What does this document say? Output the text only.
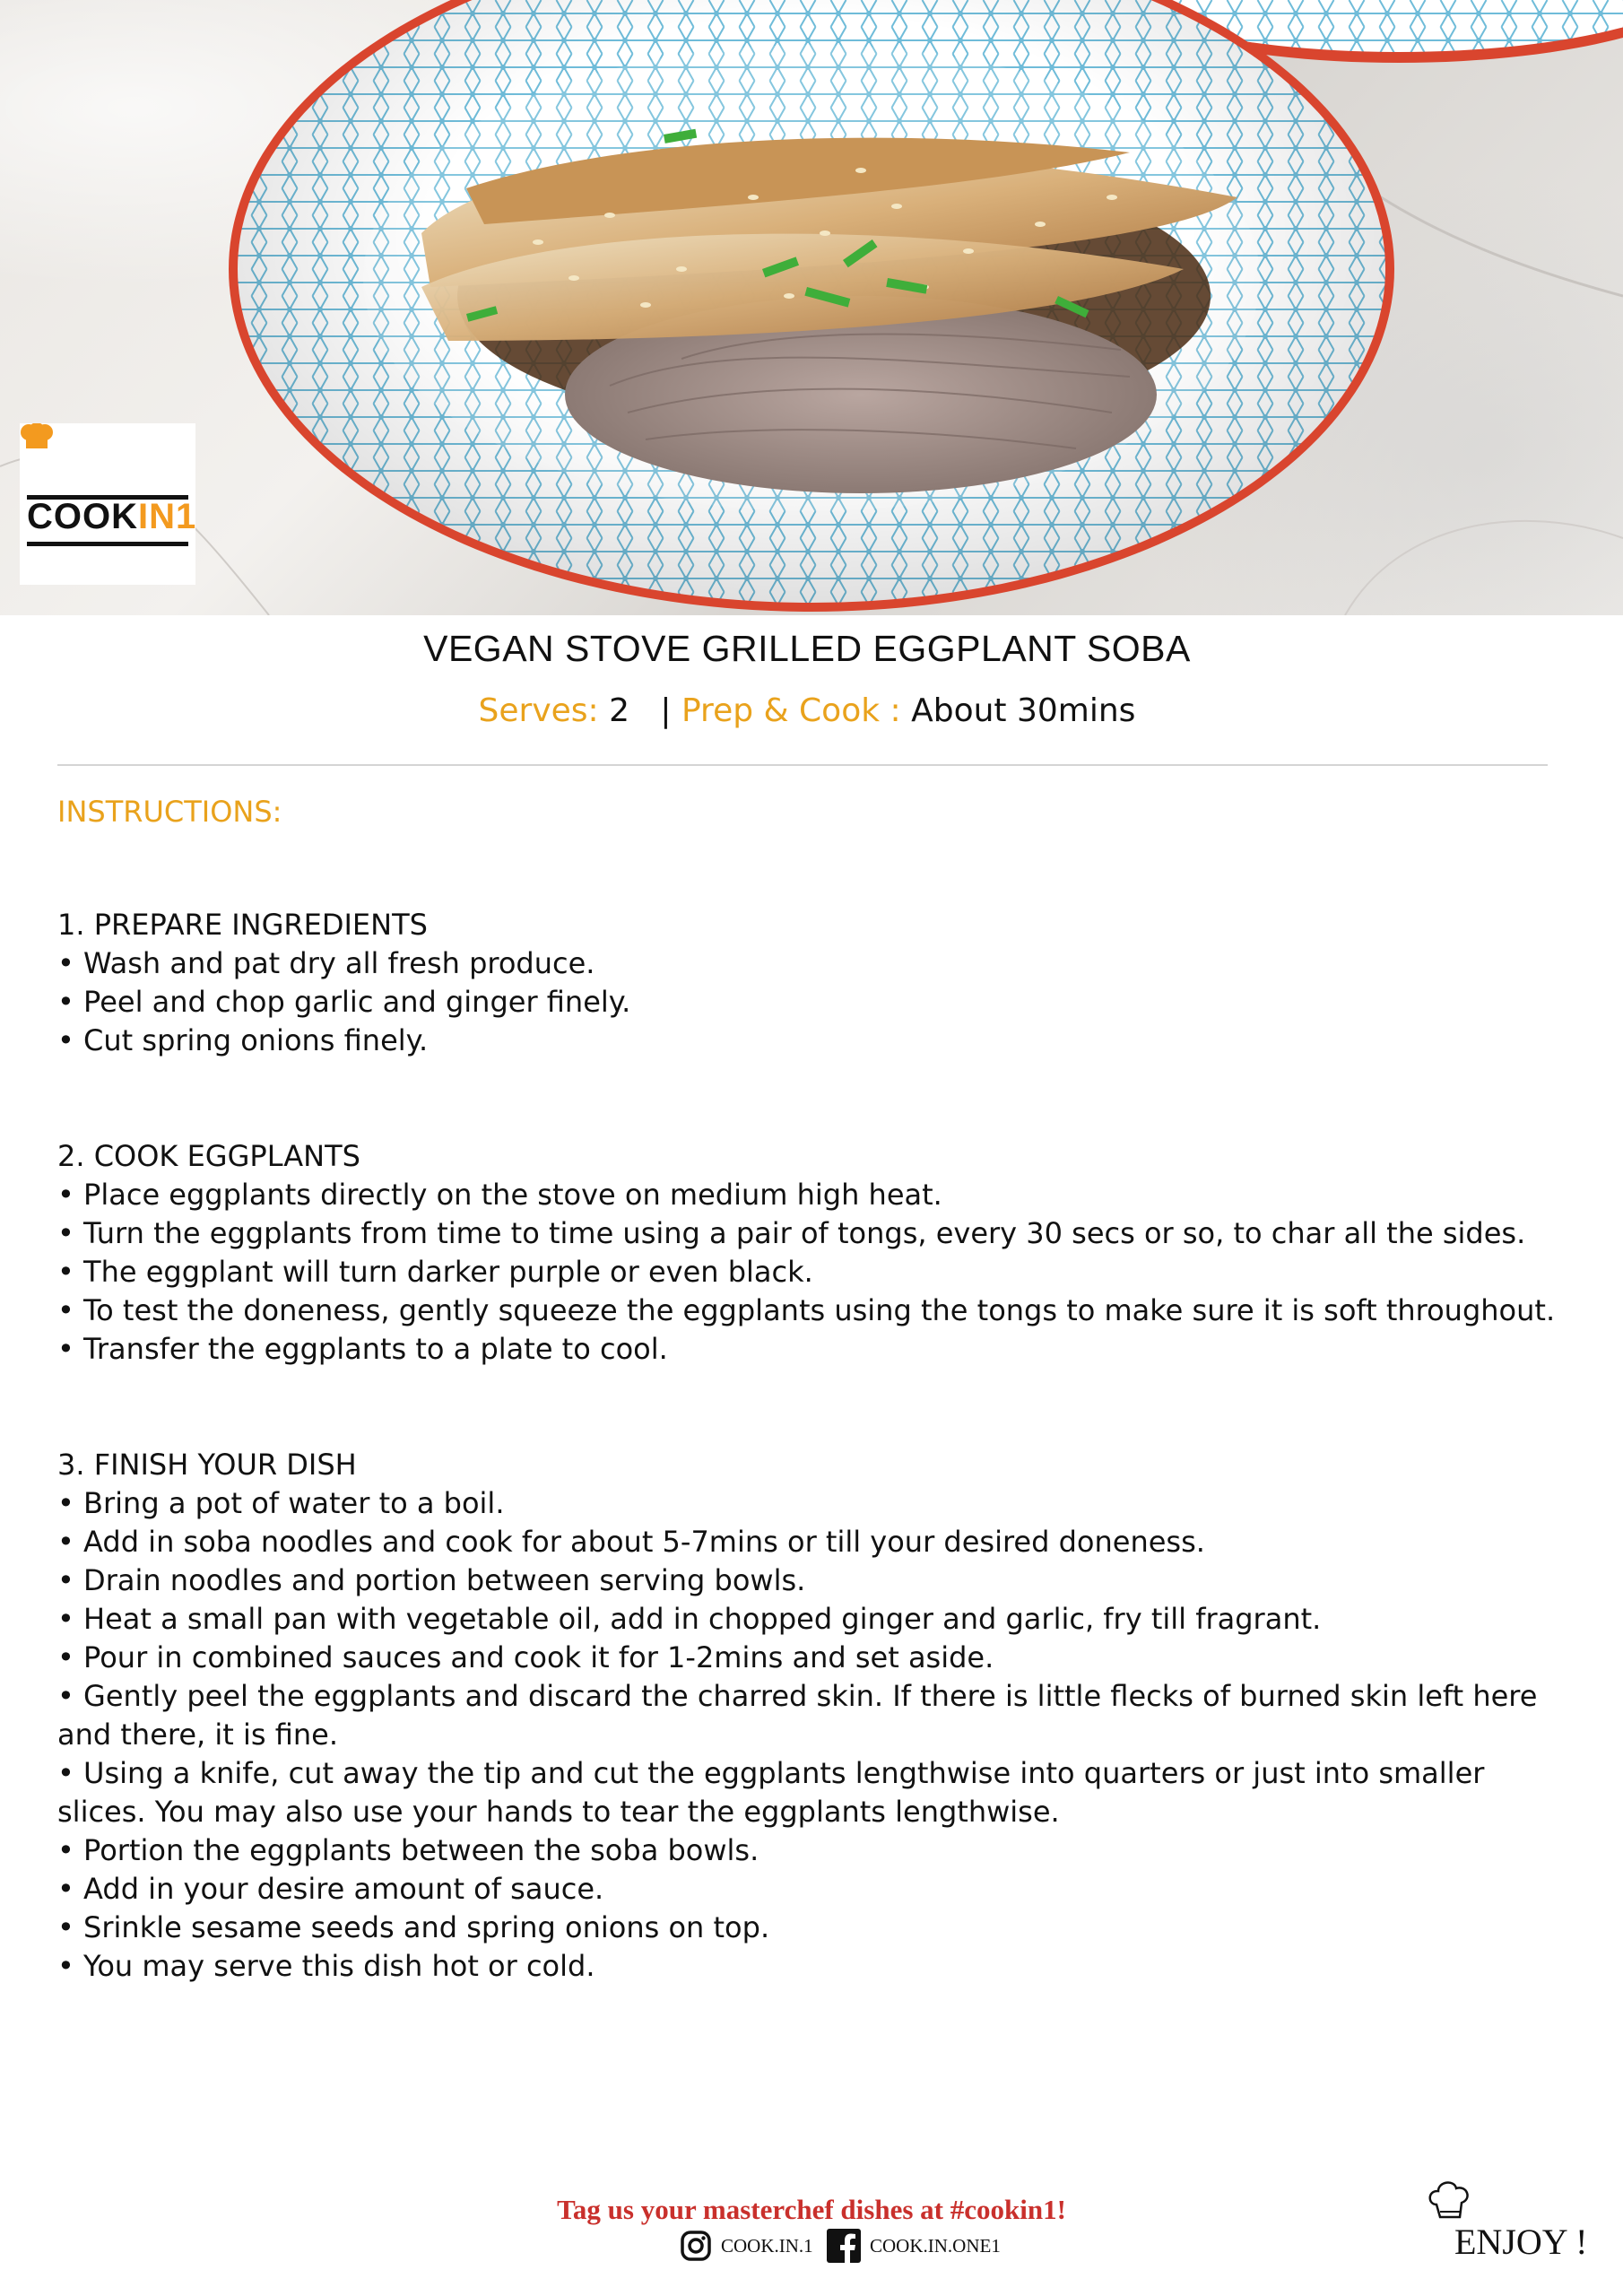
COOKIN1
VEGAN STOVE GRILLED EGGPLANT SOBA
Serves: 2 | Prep & Cook : About 30mins
INSTRUCTIONS:

1. PREPARE INGREDIENTS

• Wash and pat dry all fresh produce.

• Peel and chop garlic and ginger finely.

• Cut spring onions finely.

2. COOK EGGPLANTS

• Place eggplants directly on the stove on medium high heat.

• Turn the eggplants from time to time using a pair of tongs, every 30 secs or so, to char all the sides.

• The eggplant will turn darker purple or even black.

• To test the doneness, gently squeeze the eggplants using the tongs to make sure it is soft throughout.

• Transfer the eggplants to a plate to cool.

3. FINISH YOUR DISH

• Bring a pot of water to a boil.

• Add in soba noodles and cook for about 5-7mins or till your desired doneness.

• Drain noodles and portion between serving bowls.

• Heat a small pan with vegetable oil, add in chopped ginger and garlic, fry till fragrant.

• Pour in combined sauces and cook it for 1-2mins and set aside.

• Gently peel the eggplants and discard the charred skin. If there is little flecks of burned skin left here and there, it is fine.

• Using a knife, cut away the tip and cut the eggplants lengthwise into quarters or just into smaller slices. You may also use your hands to tear the eggplants lengthwise.

• Portion the eggplants between the soba bowls.

• Add in your desire amount of sauce.

• Srinkle sesame seeds and spring onions on top.

• You may serve this dish hot or cold.

Tag us your masterchef dishes at #cookin1!
COOK.IN.1	COOK.IN.ONE1	ENJOY !
